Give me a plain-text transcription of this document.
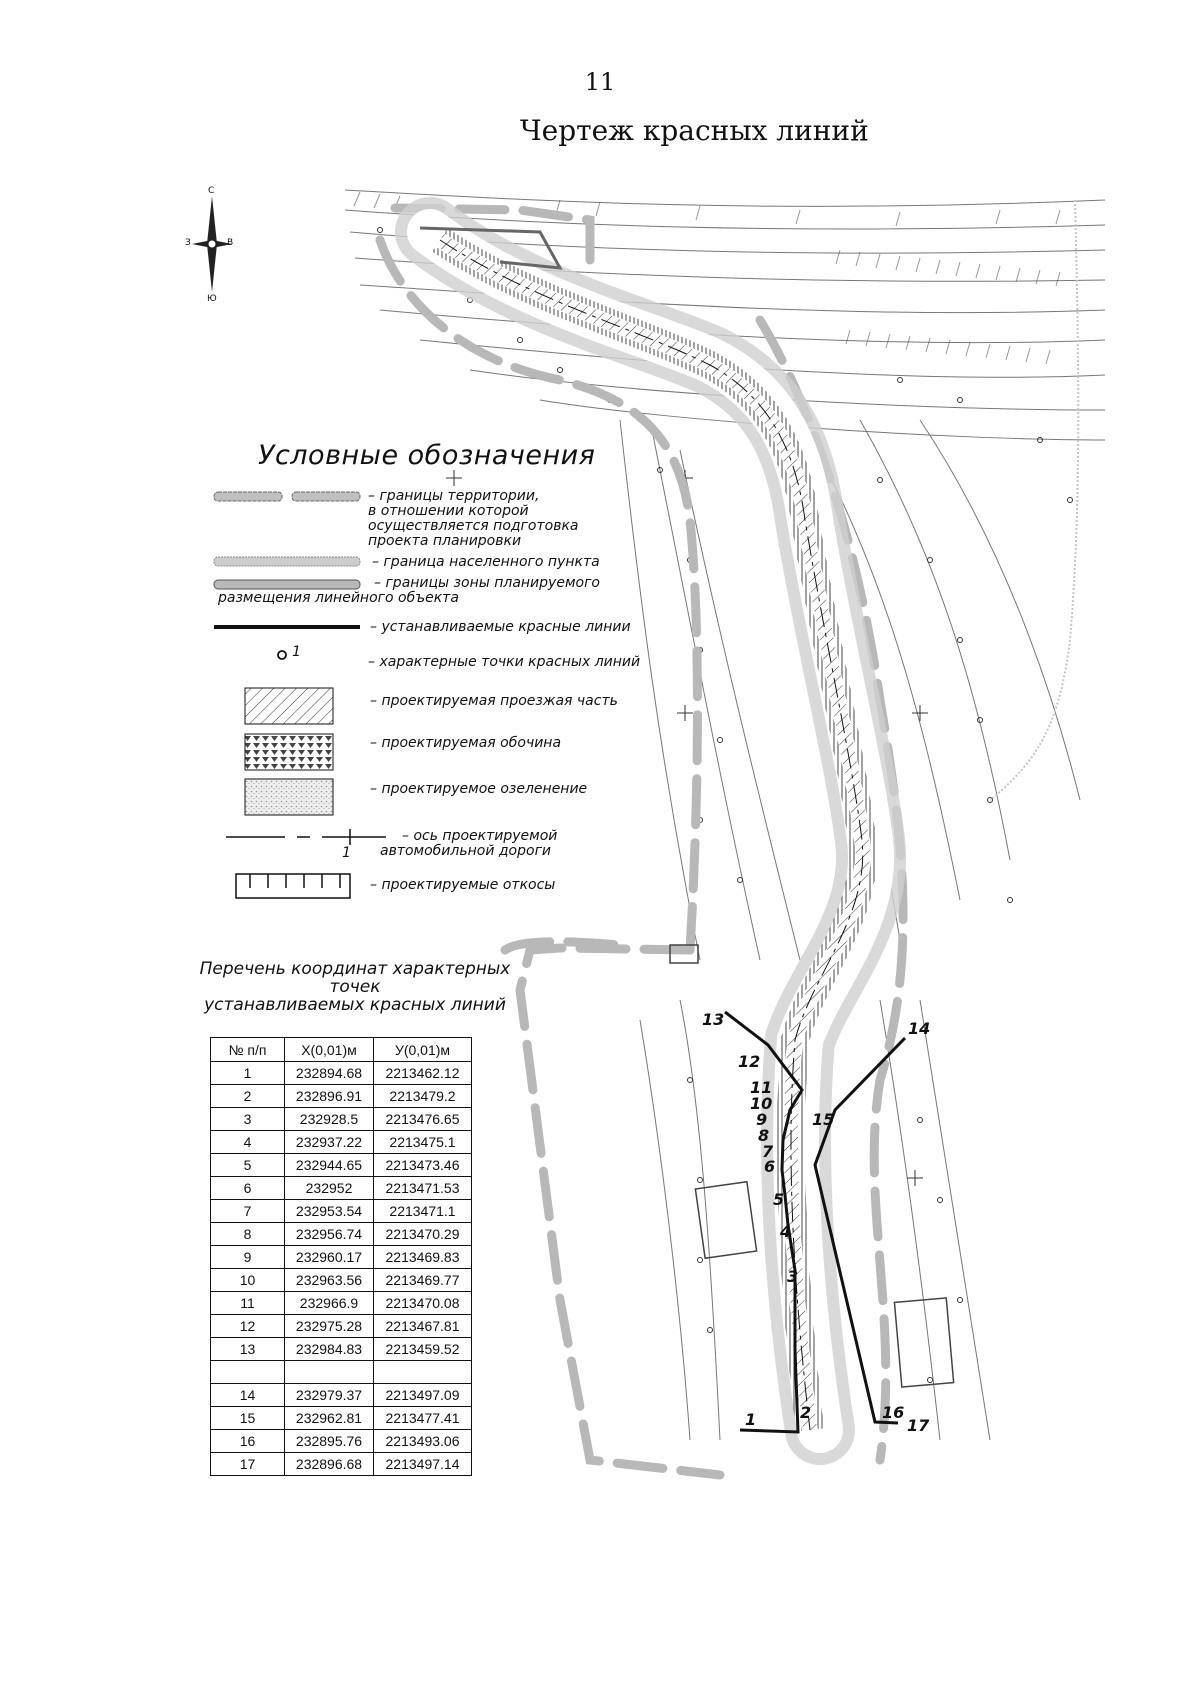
11
Чертеж красных линий
С
Ю
З	В
Условные обозначения
– границы территории,
в отношении которой
осуществляется подготовка
проекта планировки
– граница населенного пункта
– границы зоны планируемого
размещения линейного объекта
– устанавливаемые красные линии
1
– характерные точки красных линий
– проектируемая проезжая часть
– проектируемая обочина
– проектируемое озеленение
1
– ось проектируемой
автомобильной дороги
– проектируемые откосы
Перечень координат характерных точек
устанавливаемых красных линий
№ п/п	Х(0,01)м	У(0,01)м
1	232894.68	2213462.12
2	232896.91	2213479.2
3	232928.5	2213476.65
4	232937.22	2213475.1
5	232944.65	2213473.46
6	232952	2213471.53
7	232953.54	2213471.1
8	232956.74	2213470.29
9	232960.17	2213469.83
10	232963.56	2213469.77
11	232966.9	2213470.08
12	232975.28	2213467.81
13	232984.83	2213459.52

14	232979.37	2213497.09
15	232962.81	2213477.41
16	232895.76	2213493.06
17	232896.68	2213497.14
1	2
3
4
5
6
7
8
9
10
11
12
13	14
15
16
17
